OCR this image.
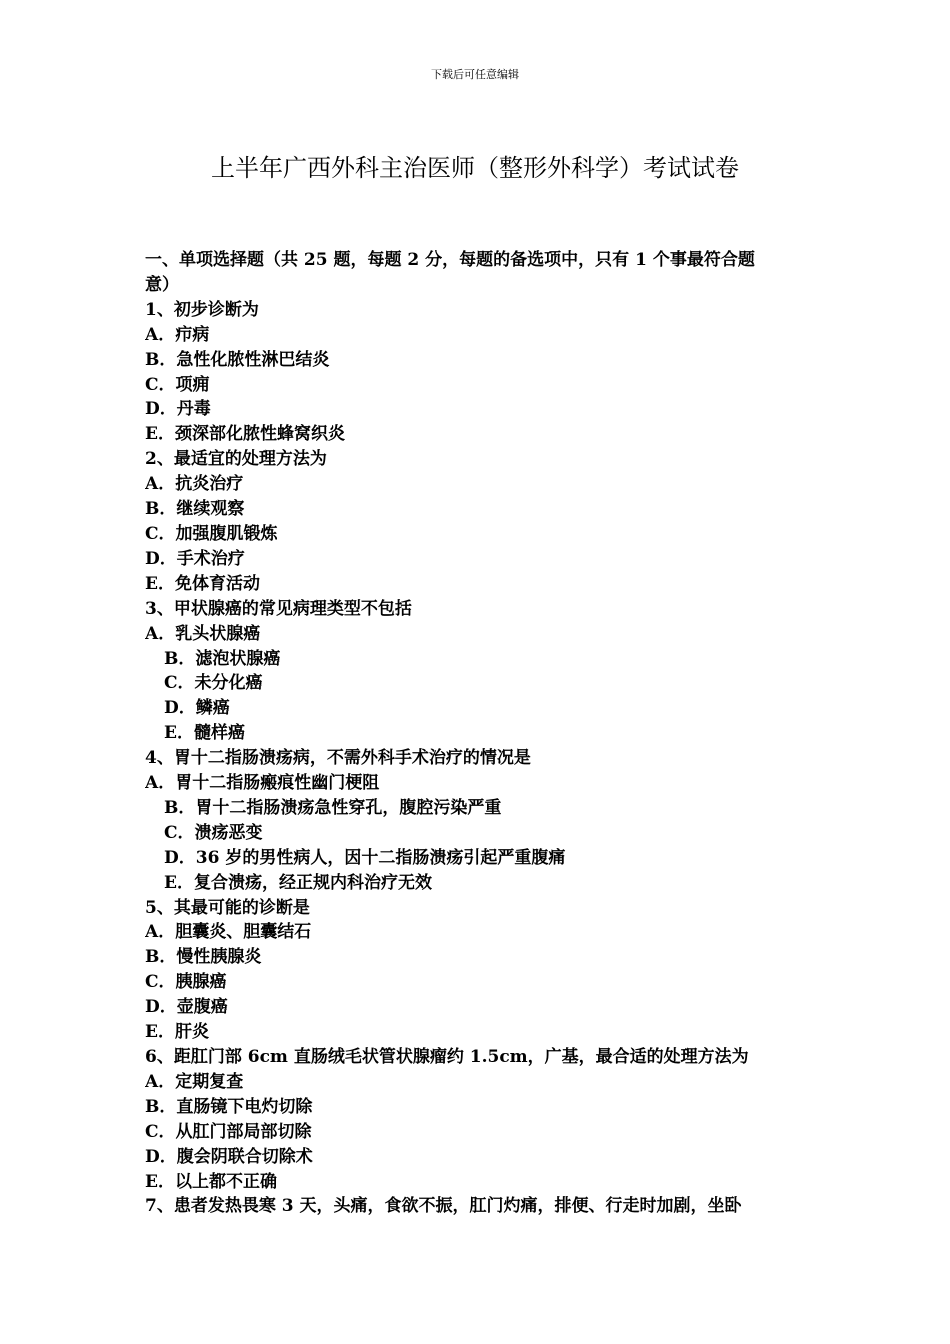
下载后可任意编辑
上半年广西外科主治医师（整形外科学）考试试卷
一、单项选择题（共 25 题，每题 2 分，每题的备选项中，只有 1 个事最符合题
意）
1、初步诊断为
A．疖病
B．急性化脓性淋巴结炎
C．项痈
D．丹毒
E．颈深部化脓性蜂窝织炎
2、最适宜的处理方法为
A．抗炎治疗
B．继续观察
C．加强腹肌锻炼
D．手术治疗
E．免体育活动
3、甲状腺癌的常见病理类型不包括
A．乳头状腺癌
B．滤泡状腺癌
C．未分化癌
D．鳞癌
E．髓样癌
4、胃十二指肠溃疡病，不需外科手术治疗的情况是
A．胃十二指肠瘢痕性幽门梗阻
B．胃十二指肠溃疡急性穿孔，腹腔污染严重
C．溃疡恶变
D．36 岁的男性病人，因十二指肠溃疡引起严重腹痛
E．复合溃疡，经正规内科治疗无效
5、其最可能的诊断是
A．胆囊炎、胆囊结石
B．慢性胰腺炎
C．胰腺癌
D．壶腹癌
E．肝炎
6、距肛门部 6cm 直肠绒毛状管状腺瘤约 1.5cm，广基，最合适的处理方法为
A．定期复查
B．直肠镜下电灼切除
C．从肛门部局部切除
D．腹会阴联合切除术
E．以上都不正确
7、患者发热畏寒 3 天，头痛，食欲不振，肛门灼痛，排便、行走时加剧，坐卧
